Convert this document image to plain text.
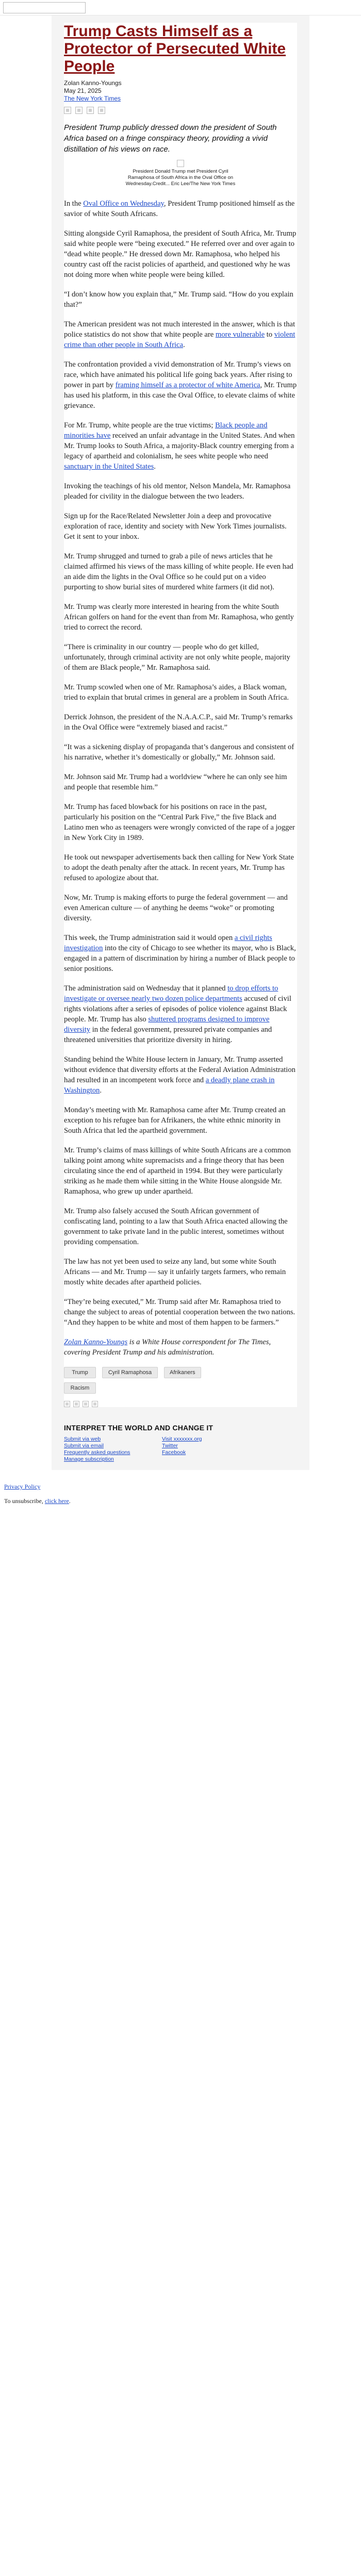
Trump Casts Himself as a Protector of Persecuted White People
Zolan Kanno-Youngs
May 21, 2025
The New York Times

President Trump publicly dressed down the president of South Africa based on a fringe conspiracy theory, providing a vivid distillation of his views on race.

President Donald Trump met President Cyril Ramaphosa of South Africa in the Oval Office on Wednesday.Credit... Eric Lee/The New York Times

In the Oval Office on Wednesday, President Trump positioned himself as the savior of white South Africans.

Sitting alongside Cyril Ramaphosa, the president of South Africa, Mr. Trump said white people were “being executed.” He referred over and over again to “dead white people.” He dressed down Mr. Ramaphosa, who helped his country cast off the racist policies of apartheid, and questioned why he was not doing more when white people were being killed.

“I don’t know how you explain that,” Mr. Trump said. “How do you explain that?”

The American president was not much interested in the answer, which is that police statistics do not show that white people are more vulnerable to violent crime than other people in South Africa.

The confrontation provided a vivid demonstration of Mr. Trump’s views on race, which have animated his political life going back years. After rising to power in part by framing himself as a protector of white America, Mr. Trump has used his platform, in this case the Oval Office, to elevate claims of white grievance.

For Mr. Trump, white people are the true victims; Black people and minorities have received an unfair advantage in the United States. And when Mr. Trump looks to South Africa, a majority-Black country emerging from a legacy of apartheid and colonialism, he sees white people who need sanctuary in the United States.

Invoking the teachings of his old mentor, Nelson Mandela, Mr. Ramaphosa pleaded for civility in the dialogue between the two leaders.

Sign up for the Race/Related Newsletter Join a deep and provocative exploration of race, identity and society with New York Times journalists. Get it sent to your inbox.

Mr. Trump shrugged and turned to grab a pile of news articles that he claimed affirmed his views of the mass killing of white people. He even had an aide dim the lights in the Oval Office so he could put on a video purporting to show burial sites of murdered white farmers (it did not).

Mr. Trump was clearly more interested in hearing from the white South African golfers on hand for the event than from Mr. Ramaphosa, who gently tried to correct the record.

“There is criminality in our country — people who do get killed, unfortunately, through criminal activity are not only white people, majority of them are Black people,” Mr. Ramaphosa said.

Mr. Trump scowled when one of Mr. Ramaphosa’s aides, a Black woman, tried to explain that brutal crimes in general are a problem in South Africa.

Derrick Johnson, the president of the N.A.A.C.P., said Mr. Trump’s remarks in the Oval Office were “extremely biased and racist.”

“It was a sickening display of propaganda that’s dangerous and consistent of his narrative, whether it’s domestically or globally,” Mr. Johnson said.

Mr. Johnson said Mr. Trump had a worldview “where he can only see him and people that resemble him.”

Mr. Trump has faced blowback for his positions on race in the past, particularly his position on the “Central Park Five,” the five Black and Latino men who as teenagers were wrongly convicted of the rape of a jogger in New York City in 1989.

He took out newspaper advertisements back then calling for New York State to adopt the death penalty after the attack. In recent years, Mr. Trump has refused to apologize about that.

Now, Mr. Trump is making efforts to purge the federal government — and even American culture — of anything he deems “woke” or promoting diversity.

This week, the Trump administration said it would open a civil rights investigation into the city of Chicago to see whether its mayor, who is Black, engaged in a pattern of discrimination by hiring a number of Black people to senior positions.

The administration said on Wednesday that it planned to drop efforts to investigate or oversee nearly two dozen police departments accused of civil rights violations after a series of episodes of police violence against Black people. Mr. Trump has also shuttered programs designed to improve diversity in the federal government, pressured private companies and threatened universities that prioritize diversity in hiring.

Standing behind the White House lectern in January, Mr. Trump asserted without evidence that diversity efforts at the Federal Aviation Administration had resulted in an incompetent work force and a deadly plane crash in Washington.

Monday’s meeting with Mr. Ramaphosa came after Mr. Trump created an exception to his refugee ban for Afrikaners, the white ethnic minority in South Africa that led the apartheid government.

Mr. Trump’s claims of mass killings of white South Africans are a common talking point among white supremacists and a fringe theory that has been circulating since the end of apartheid in 1994. But they were particularly striking as he made them while sitting in the White House alongside Mr. Ramaphosa, who grew up under apartheid.

Mr. Trump also falsely accused the South African government of confiscating land, pointing to a law that South Africa enacted allowing the government to take private land in the public interest, sometimes without providing compensation.

The law has not yet been used to seize any land, but some white South Africans — and Mr. Trump — say it unfairly targets farmers, who remain mostly white decades after apartheid policies.

“They’re being executed,” Mr. Trump said after Mr. Ramaphosa tried to change the subject to areas of potential cooperation between the two nations. “And they happen to be white and most of them happen to be farmers.”

Zolan Kanno-Youngs is a White House correspondent for The Times, covering President Trump and his administration.

Trump	Cyril Ramaphosa	Afrikaners
Racism
INTERPRET THE WORLD AND CHANGE IT
Submit via web
Submit via email
Frequently asked questions
Manage subscription
Visit xxxxxxx.org
Twitter
Facebook
Privacy Policy
To unsubscribe, click here.
